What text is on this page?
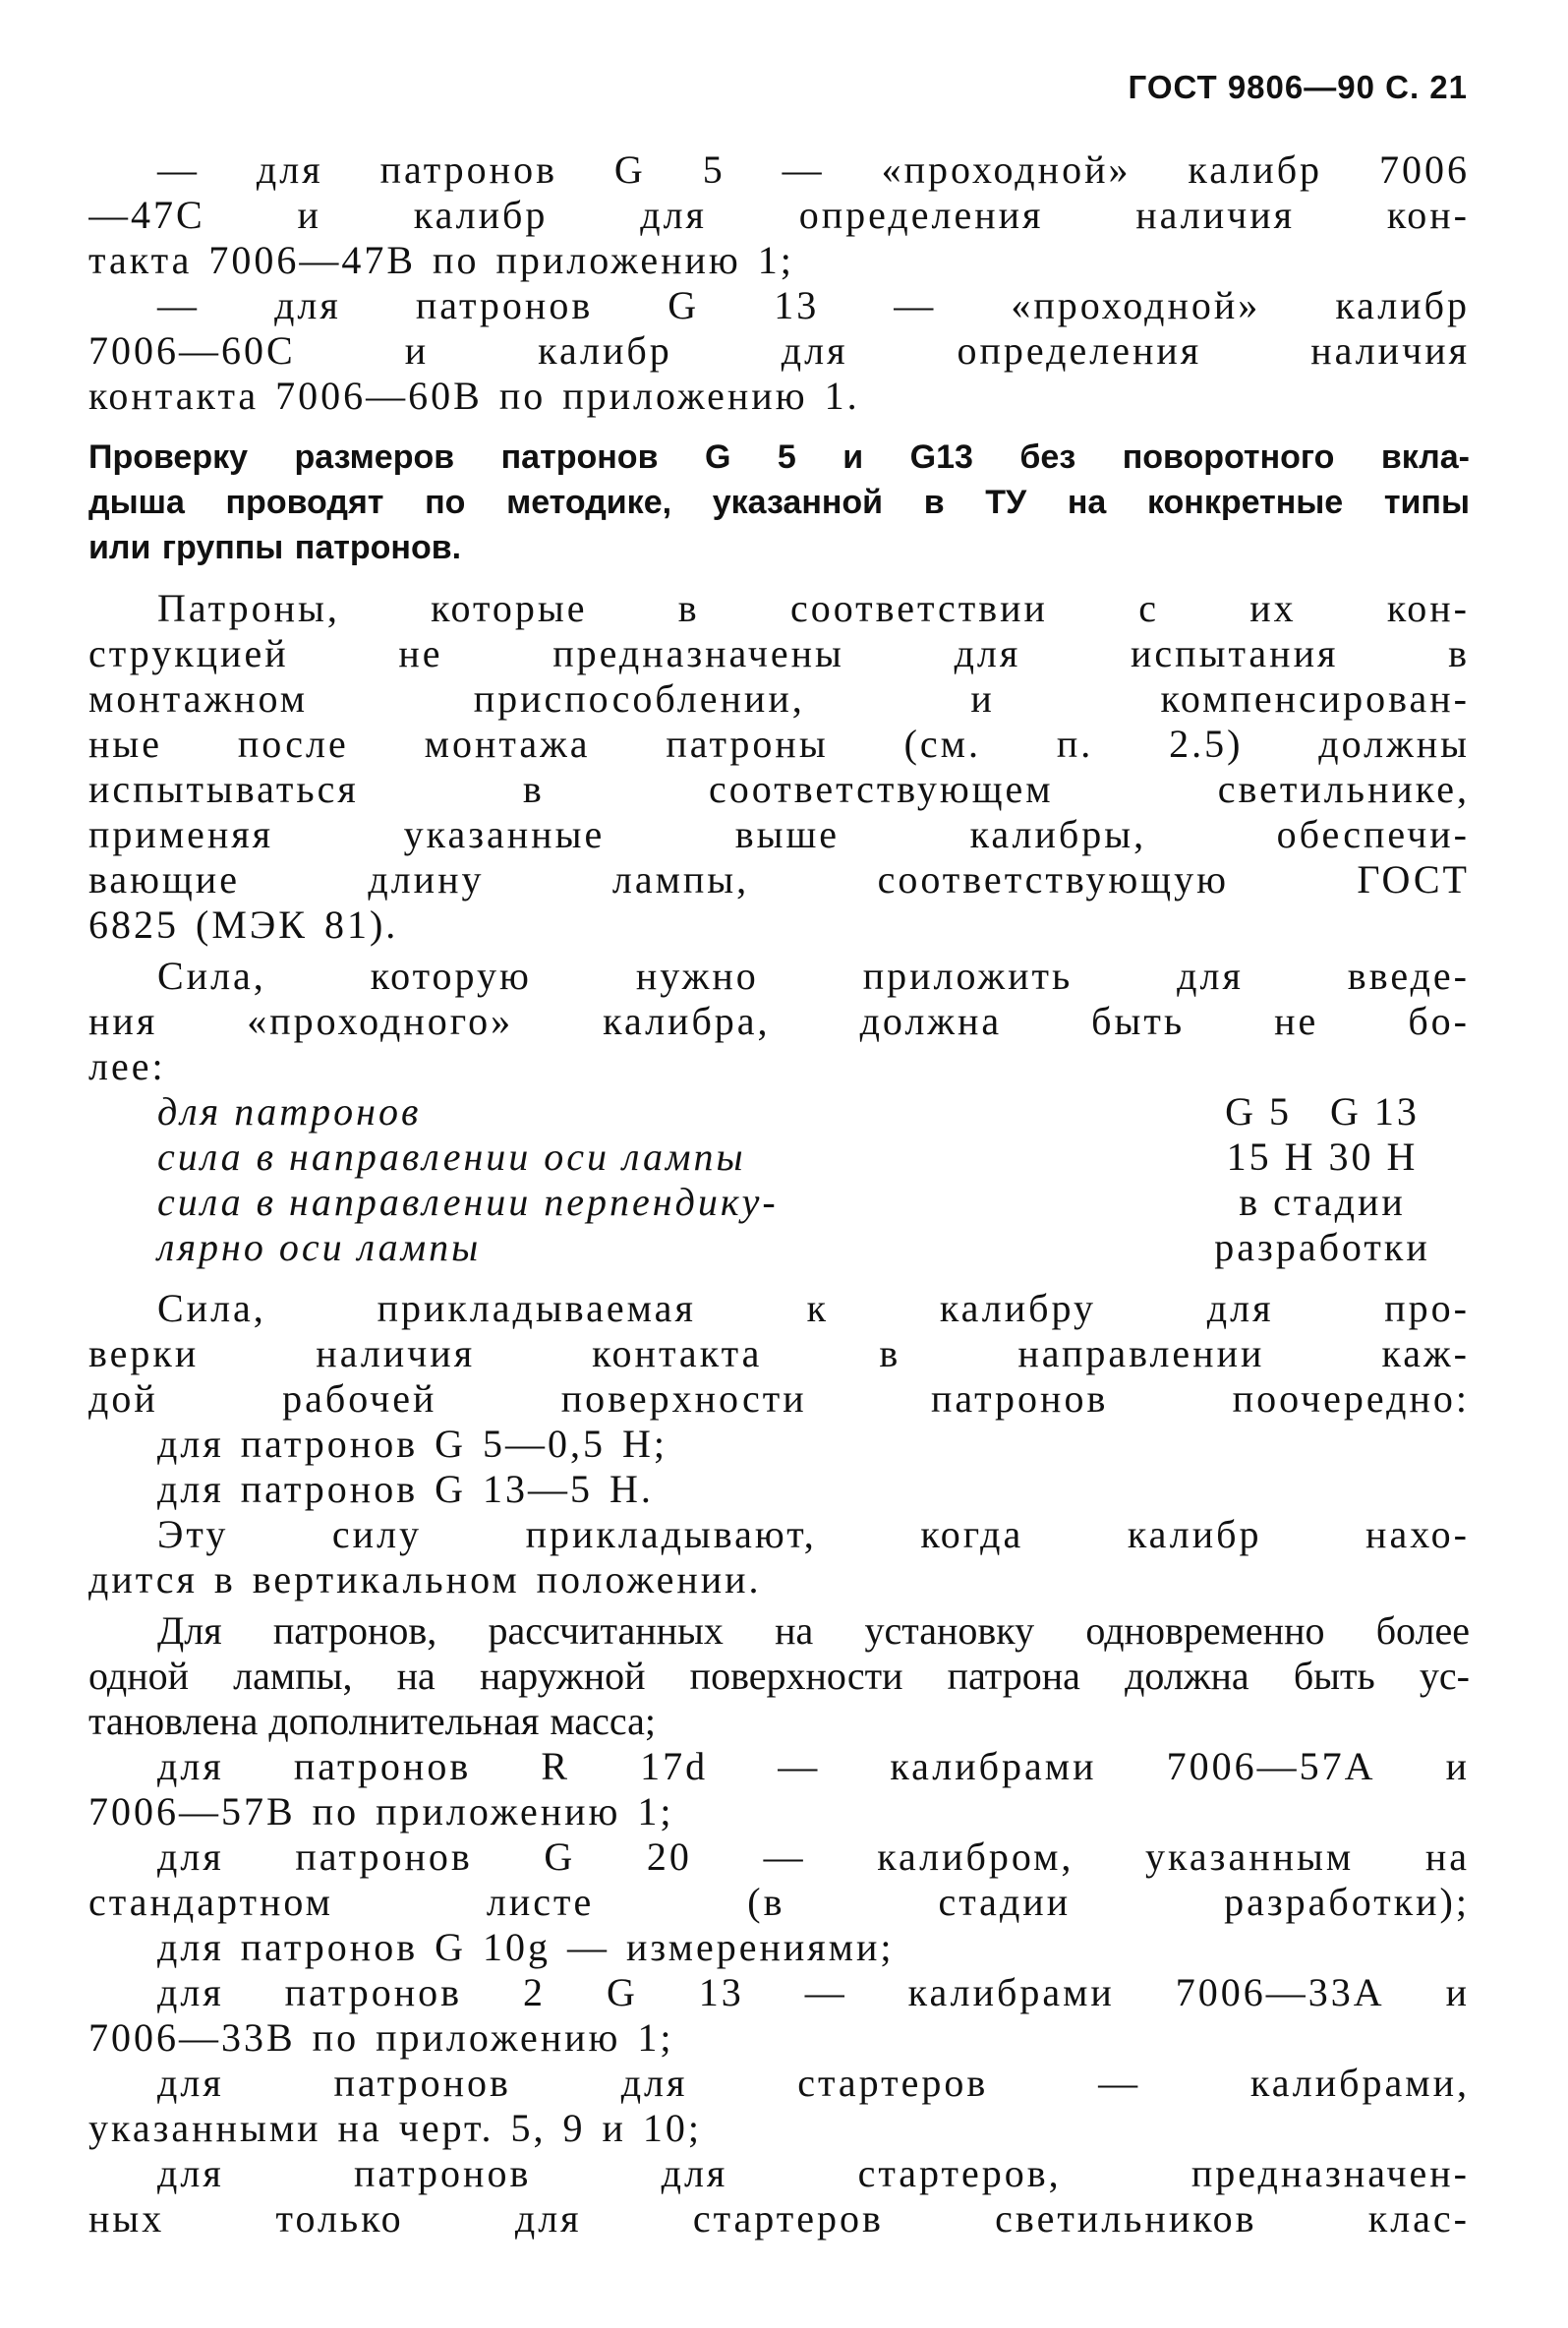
ГОСТ 9806—90 С. 21
— для патронов G 5 — «проходной» калибр 7006
—47С и калибр для определения наличия кон-
такта 7006—47В по приложению 1;
— для патронов G 13 — «проходной» калибр
7006—60С и калибр для определения наличия
контакта 7006—60В по приложению 1.
Проверку размеров патронов G 5 и G13 без поворотного вкла-
дыша проводят по методике, указанной в ТУ на конкретные типы
или группы патронов.
Патроны, которые в соответствии с их кон-
струкцией не предназначены для испытания в
монтажном приспособлении, и компенсирован-
ные после монтажа патроны (см. п. 2.5) должны
испытываться в соответствующем светильнике,
применяя указанные выше калибры, обеспечи-
вающие длину лампы, соответствующую ГОСТ
6825 (МЭК 81).
Сила, которую нужно приложить для введе-
ния «проходного» калибра, должна быть не бо-
лее:
для патронов	G 5 G 13
сила в направлении оси лампы	15 Н 30 Н
сила в направлении перпендику-	в стадии
лярно оси лампы	разработки
Сила, прикладываемая к калибру для про-
верки наличия контакта в направлении каж-
дой рабочей поверхности патронов поочередно:
для патронов G 5—0,5 Н;
для патронов G 13—5 Н.
Эту силу прикладывают, когда калибр нахо-
дится в вертикальном положении.
Для патронов, рассчитанных на установку одновременно более
одной лампы, на наружной поверхности патрона должна быть ус-
тановлена дополнительная масса;
для патронов R 17d — калибрами 7006—57А и
7006—57В по приложению 1;
для патронов G 20 — калибром, указанным на
стандартном листе (в стадии разработки);
для патронов G 10g — измерениями;
для патронов 2 G 13 — калибрами 7006—33А и
7006—33В по приложению 1;
для патронов для стартеров — калибрами,
указанными на черт. 5, 9 и 10;
для патронов для стартеров, предназначен-
ных только для стартеров светильников клас-
